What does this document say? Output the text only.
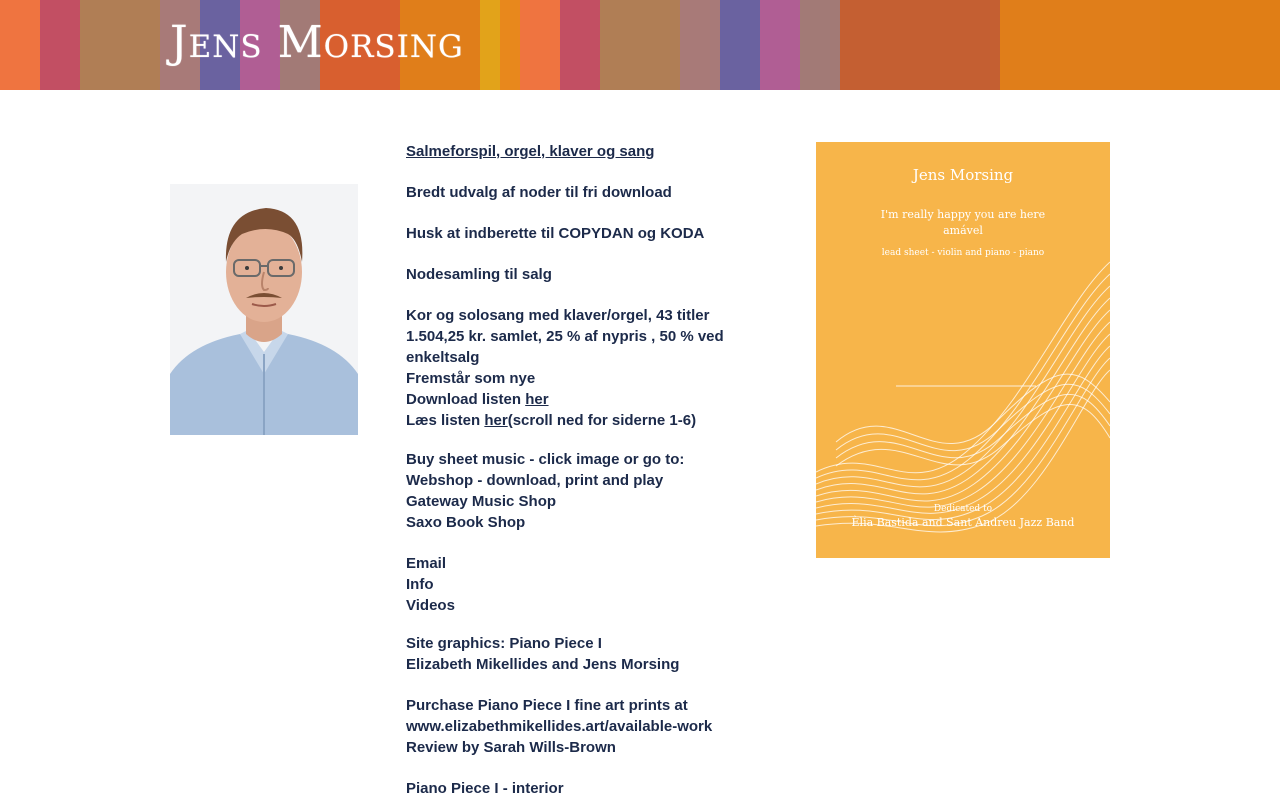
Jens Morsing

Salmeforspil, orgel, klaver og sang

Bredt udvalg af noder til fri download

Husk at indberette til COPYDAN og KODA

Nodesamling til salg

Kor og solosang med klaver/orgel, 43 titler

1.504,25 kr. samlet, 25 % af nypris , 50 % ved enkeltsalg

Fremstår som nye

Download listen her

Læs listen her(scroll ned for siderne 1-6)

Buy sheet music - click image or go to:

Webshop - download, print and play

Gateway Music Shop

Saxo Book Shop

Email

Info

Videos

Site graphics: Piano Piece I

Elizabeth Mikellides and Jens Morsing

Purchase Piano Piece I fine art prints at

www.elizabethmikellides.art/available-work

Review by Sarah Wills-Brown

Piano Piece I - interior

Jens Morsing
I'm really happy you are here
amável
lead sheet - violin and piano - piano
Dedicated to
Èlia Bastida and Sant Andreu Jazz Band
